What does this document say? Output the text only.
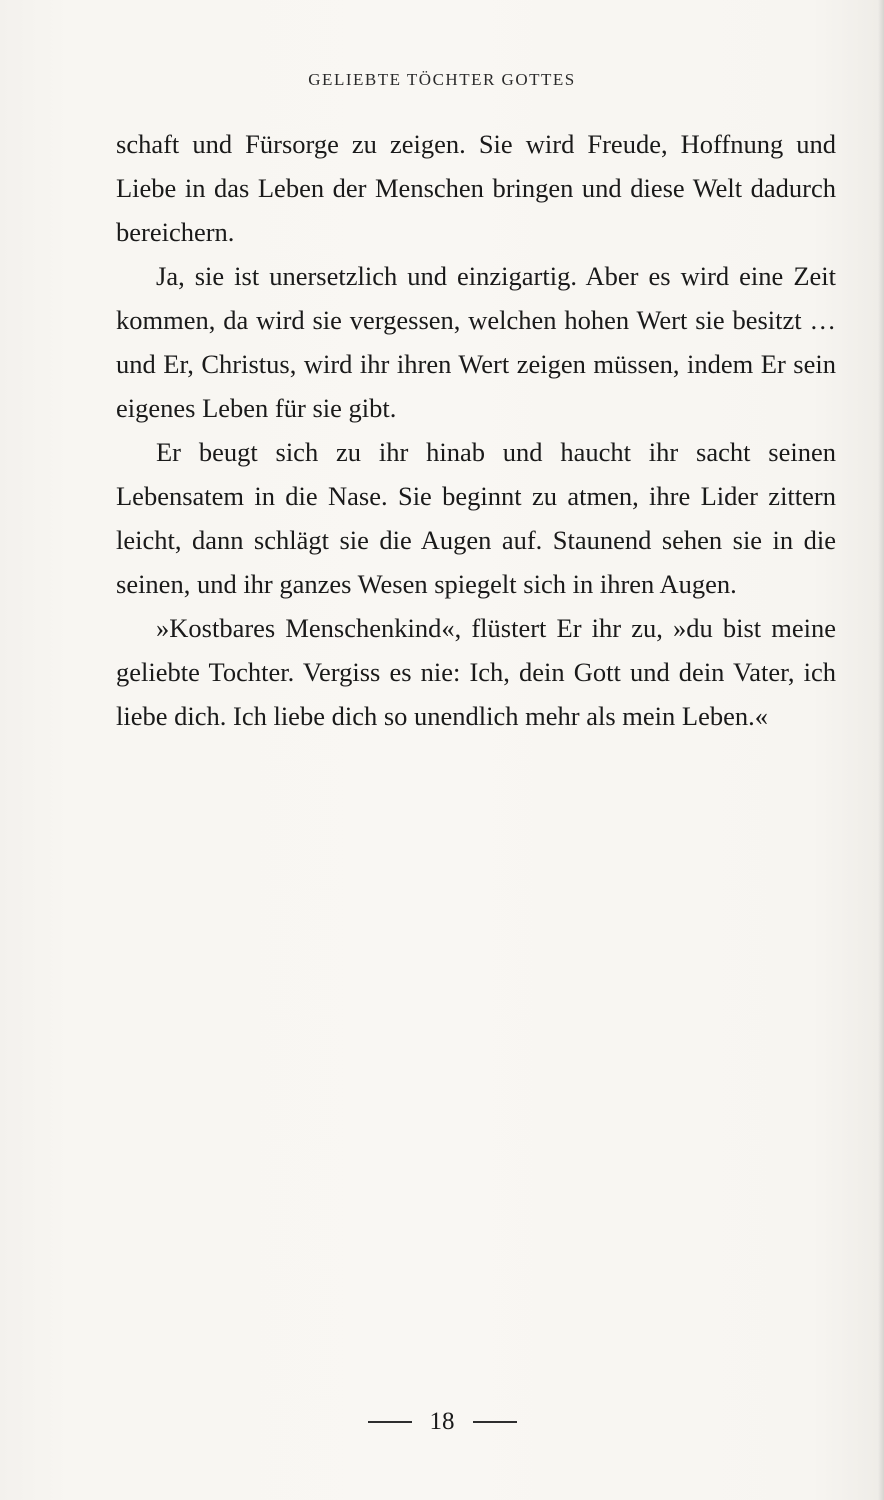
GELIEBTE TÖCHTER GOTTES

schaft und Fürsorge zu zeigen. Sie wird Freude, Hoffnung und Liebe in das Leben der Menschen bringen und diese Welt dadurch bereichern.

Ja, sie ist unersetzlich und einzigartig. Aber es wird eine Zeit kommen, da wird sie vergessen, welchen hohen Wert sie besitzt … und Er, Christus, wird ihr ihren Wert zeigen müssen, indem Er sein eigenes Leben für sie gibt.

Er beugt sich zu ihr hinab und haucht ihr sacht seinen Lebensatem in die Nase. Sie beginnt zu atmen, ihre Lider zittern leicht, dann schlägt sie die Augen auf. Staunend sehen sie in die seinen, und ihr ganzes Wesen spiegelt sich in ihren Augen.

»Kostbares Menschenkind«, flüstert Er ihr zu, »du bist meine geliebte Tochter. Vergiss es nie: Ich, dein Gott und dein Vater, ich liebe dich. Ich liebe dich so unendlich mehr als mein Leben.«

18
